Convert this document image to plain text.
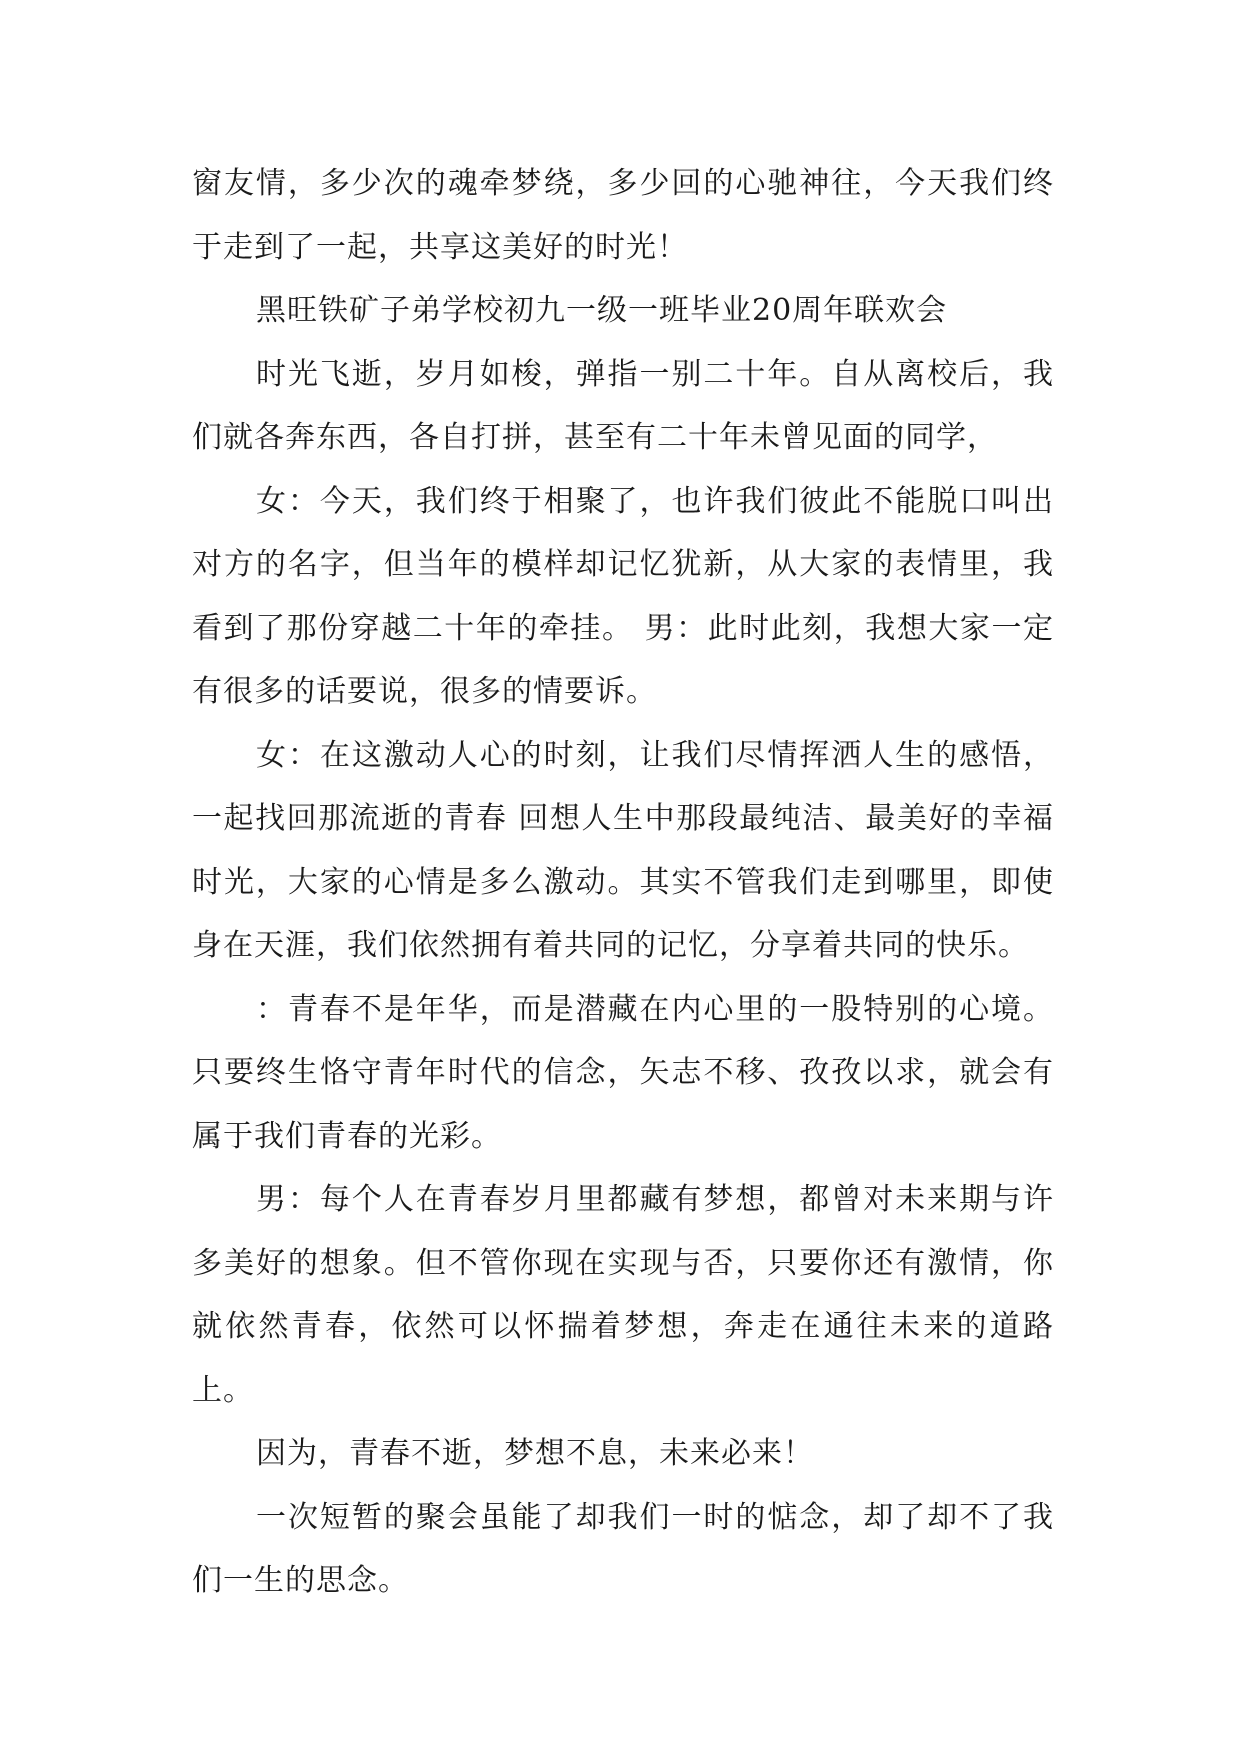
窗友情，多少次的魂牵梦绕，多少回的心驰神往，今天我们终于走到了一起，共享这美好的时光！

黑旺铁矿子弟学校初九一级一班毕业20周年联欢会

时光飞逝，岁月如梭，弹指一别二十年。自从离校后，我们就各奔东西，各自打拼，甚至有二十年未曾见面的同学，

女：今天，我们终于相聚了，也许我们彼此不能脱口叫出对方的名字，但当年的模样却记忆犹新，从大家的表情里，我看到了那份穿越二十年的牵挂。 男：此时此刻，我想大家一定有很多的话要说，很多的情要诉。

女：在这激动人心的时刻，让我们尽情挥洒人生的感悟，一起找回那流逝的青春 回想人生中那段最纯洁、最美好的幸福时光，大家的心情是多么激动。其实不管我们走到哪里，即使身在天涯，我们依然拥有着共同的记忆，分享着共同的快乐。

：青春不是年华，而是潜藏在内心里的一股特别的心境。只要终生恪守青年时代的信念，矢志不移、孜孜以求，就会有属于我们青春的光彩。

男：每个人在青春岁月里都藏有梦想，都曾对未来期与许多美好的想象。但不管你现在实现与否，只要你还有激情，你就依然青春，依然可以怀揣着梦想，奔走在通往未来的道路上。

因为，青春不逝，梦想不息，未来必来！

一次短暂的聚会虽能了却我们一时的惦念，却了却不了我们一生的思念。
